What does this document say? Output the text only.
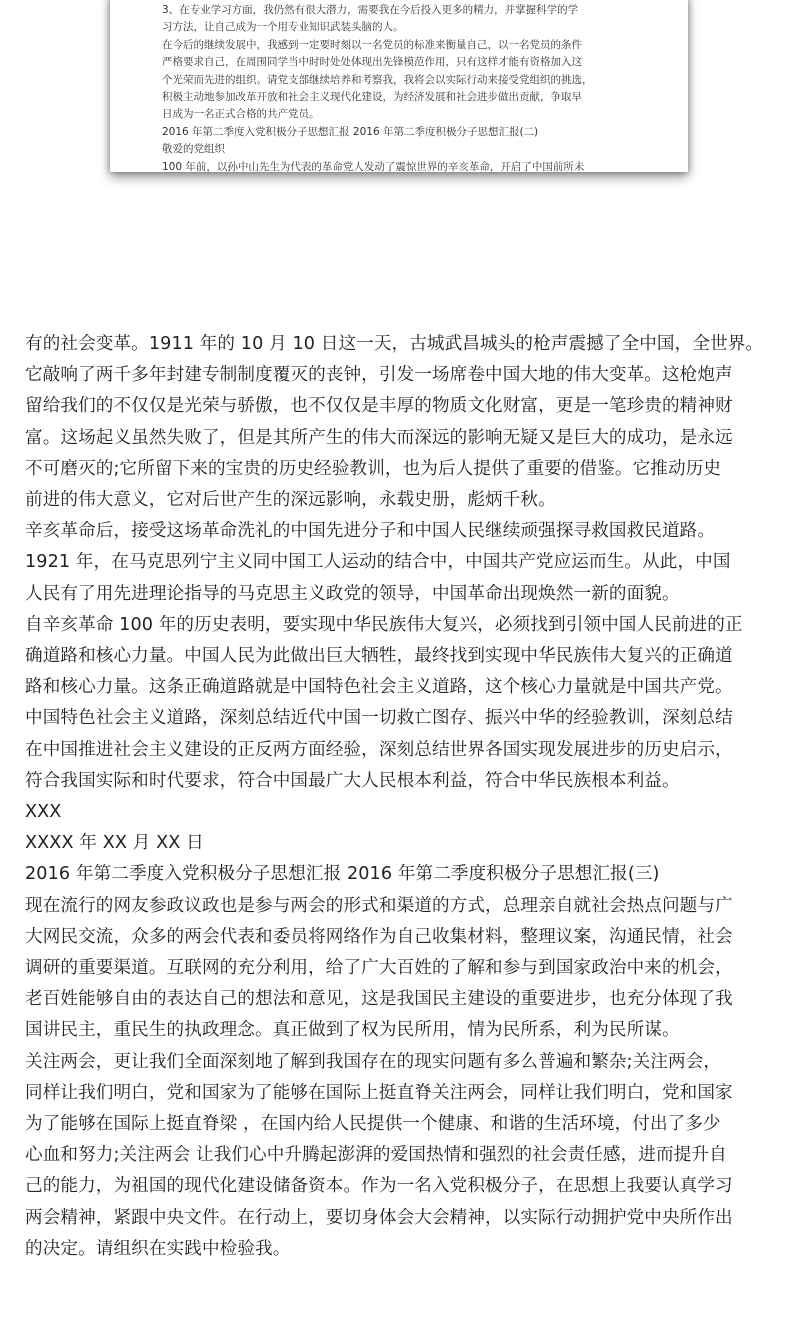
3、在专业学习方面，我仍然有很大潜力，需要我在今后投入更多的精力，并掌握科学的学
习方法，让自己成为一个用专业知识武装头脑的人。
在今后的继续发展中，我感到一定要时刻以一名党员的标准来衡量自己，以一名党员的条件
严格要求自己，在周围同学当中时时处处体现出先锋模范作用，只有这样才能有资格加入这
个光荣而先进的组织。请党支部继续培养和考察我，我将会以实际行动来接受党组织的挑选，
积极主动地参加改革开放和社会主义现代化建设，为经济发展和社会进步做出贡献，争取早
日成为一名正式合格的共产党员。
2016 年第二季度入党积极分子思想汇报 2016 年第二季度积极分子思想汇报(二)
敬爱的党组织
100 年前，以孙中山先生为代表的革命党人发动了震惊世界的辛亥革命，开启了中国前所未
有的社会变革。1911 年的 10 月 10 日这一天，古城武昌城头的枪声震撼了全中国，全世界。
它敲响了两千多年封建专制制度覆灭的丧钟，引发一场席卷中国大地的伟大变革。这枪炮声
留给我们的不仅仅是光荣与骄傲，也不仅仅是丰厚的物质文化财富，更是一笔珍贵的精神财
富。这场起义虽然失败了，但是其所产生的伟大而深远的影响无疑又是巨大的成功，是永远
不可磨灭的;它所留下来的宝贵的历史经验教训，也为后人提供了重要的借鉴。它推动历史
前进的伟大意义，它对后世产生的深远影响，永载史册，彪炳千秋。
辛亥革命后，接受这场革命洗礼的中国先进分子和中国人民继续顽强探寻救国救民道路。
1921 年，在马克思列宁主义同中国工人运动的结合中，中国共产党应运而生。从此，中国
人民有了用先进理论指导的马克思主义政党的领导，中国革命出现焕然一新的面貌。
自辛亥革命 100 年的历史表明，要实现中华民族伟大复兴，必须找到引领中国人民前进的正
确道路和核心力量。中国人民为此做出巨大牺牲，最终找到实现中华民族伟大复兴的正确道
路和核心力量。这条正确道路就是中国特色社会主义道路，这个核心力量就是中国共产党。
中国特色社会主义道路，深刻总结近代中国一切救亡图存、振兴中华的经验教训，深刻总结
在中国推进社会主义建设的正反两方面经验，深刻总结世界各国实现发展进步的历史启示，
符合我国实际和时代要求，符合中国最广大人民根本利益，符合中华民族根本利益。
XXX
XXXX 年 XX 月 XX 日
2016 年第二季度入党积极分子思想汇报 2016 年第二季度积极分子思想汇报(三)
现在流行的网友参政议政也是参与两会的形式和渠道的方式，总理亲自就社会热点问题与广
大网民交流，众多的两会代表和委员将网络作为自己收集材料，整理议案，沟通民情，社会
调研的重要渠道。互联网的充分利用，给了广大百姓的了解和参与到国家政治中来的机会，
老百姓能够自由的表达自己的想法和意见，这是我国民主建设的重要进步，也充分体现了我
国讲民主，重民生的执政理念。真正做到了权为民所用，情为民所系，利为民所谋。
关注两会，更让我们全面深刻地了解到我国存在的现实问题有多么普遍和繁杂;关注两会，
同样让我们明白，党和国家为了能够在国际上挺直脊关注两会，同样让我们明白，党和国家
为了能够在国际上挺直脊梁 ，在国内给人民提供一个健康、和谐的生活环境，付出了多少
心血和努力;关注两会 让我们心中升腾起澎湃的爱国热情和强烈的社会责任感，进而提升自
己的能力，为祖国的现代化建设储备资本。作为一名入党积极分子，在思想上我要认真学习
两会精神，紧跟中央文件。在行动上，要切身体会大会精神，以实际行动拥护党中央所作出
的决定。请组织在实践中检验我。
